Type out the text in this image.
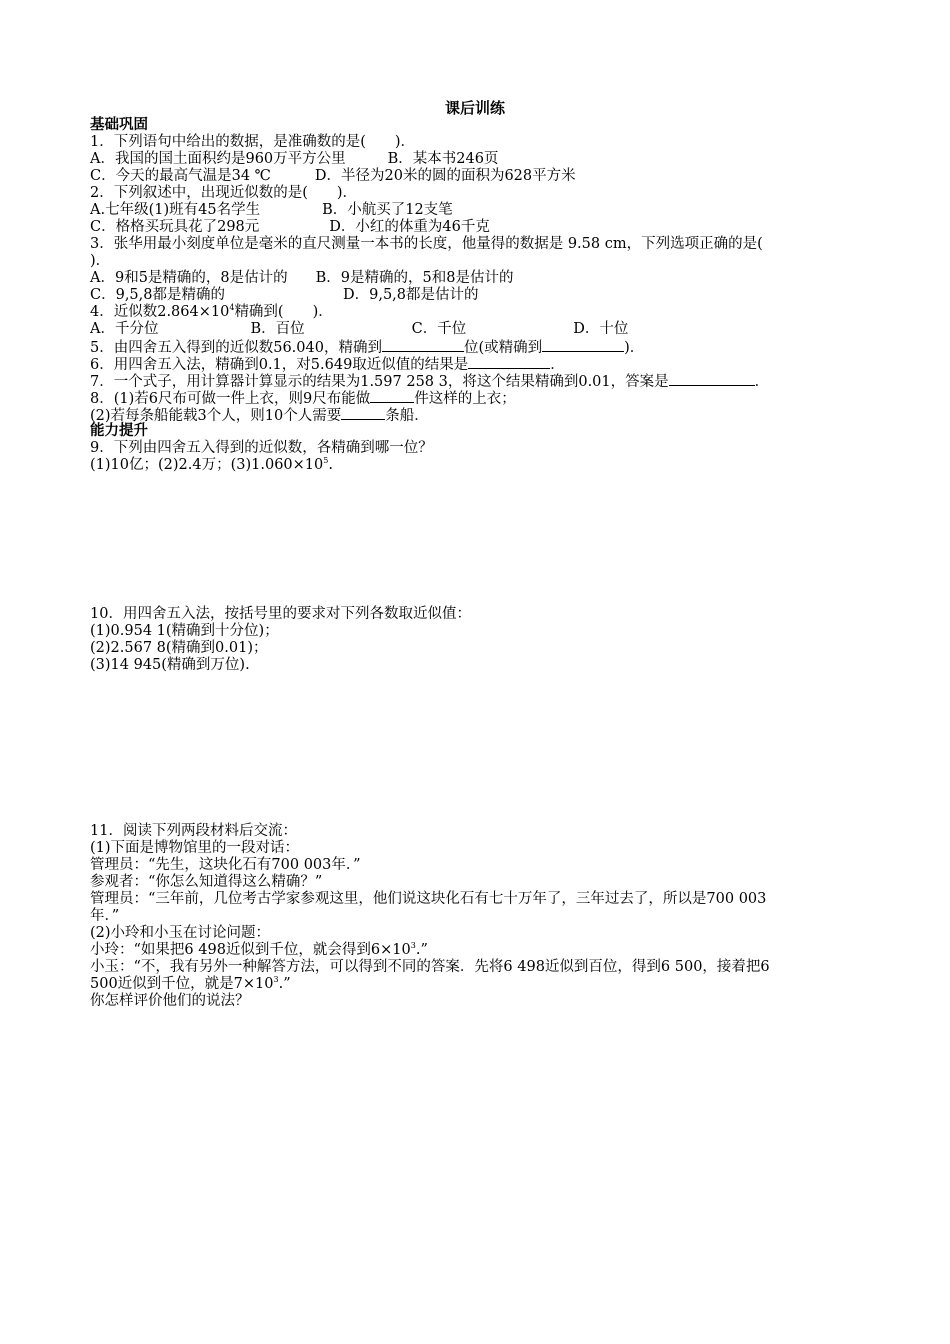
课后训练
基础巩固
1．下列语句中给出的数据，是准确数的是(　　)．
A．我国的国土面积约是960万平方公里	B．某本书246页
C．今天的最高气温是34 ℃	D．半径为20米的圆的面积为628平方米
2．下列叙述中，出现近似数的是(　　)．
A.七年级(1)班有45名学生	B．小航买了12支笔
C．格格买玩具花了298元	D．小红的体重为46千克
3．张华用最小刻度单位是毫米的直尺测量一本书的长度，他量得的数据是 9.58 cm，下列选项正确的是(
)．
A．9和5是精确的，8是估计的 B．9是精确的，5和8是估计的
C．9,5,8都是精确的	D．9,5,8都是估计的
4．近似数$2.864\times 10^4$精确到(　　)．
A．千分位	B．百位	C．千位	D．十位
5．由四舍五入得到的近似数56.040，精确到	位(或精确到	)．
6．用四舍五入法，精确到0.1，对5.649取近似值的结果是	．
7．一个式子，用计算器计算显示的结果为1.597 258 3，将这个结果精确到0.01，答案是	．
8．(1)若6尺布可做一件上衣，则9尺布能做	件这样的上衣；
(2)若每条船能载3个人，则10个人需要	条船．
能力提升
9．下列由四舍五入得到的近似数，各精确到哪一位？
(1)10亿；(2)2.4万；$(3)1.060\times 10^5$.
10．用四舍五入法，按括号里的要求对下列各数取近似值：
(1)0.954 1(精确到十分位)；
(2)2.567 8(精确到0.01)；
(3)14 945(精确到万位).
11．阅读下列两段材料后交流：
(1)下面是博物馆里的一段对话：
管理员：“先生，这块化石有700 003年．”
参观者：“你怎么知道得这么精确？”
管理员：“三年前，几位考古学家参观这里，他们说这块化石有七十万年了，三年过去了，所以是700 003
年．”
(2)小玲和小玉在讨论问题：
小玲：“如果把6 498近似到千位，就会得到$6\times 10^3$.”
小玉：“不，我有另外一种解答方法，可以得到不同的答案．先将6 498近似到百位，得到6 500，接着把6
500近似到千位，就是$7\times 10^3$.”
你怎样评价他们的说法？
